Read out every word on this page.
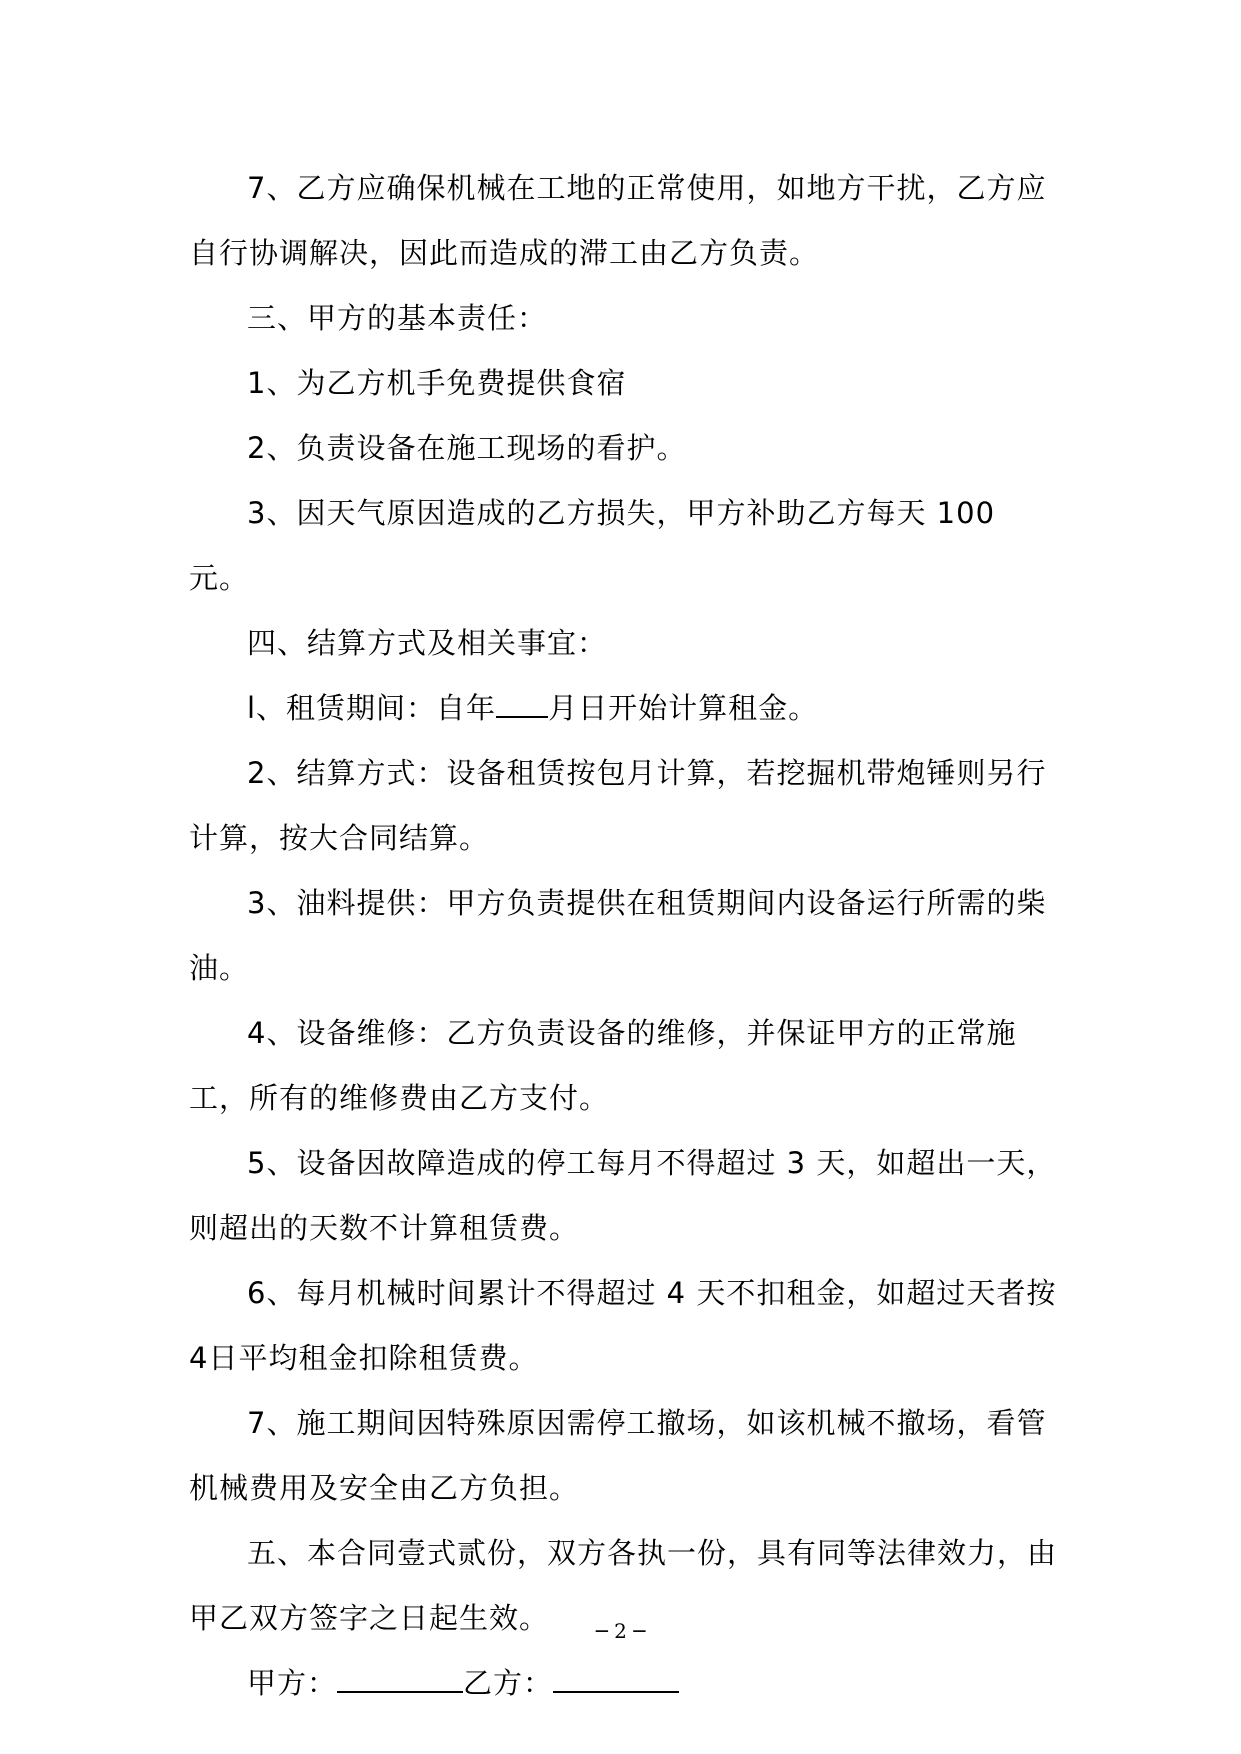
7、乙方应确保机械在工地的正常使用，如地方干扰，乙方应自行协调解决，因此而造成的滞工由乙方负责。

三、甲方的基本责任：

1、为乙方机手免费提供食宿

2、负责设备在施工现场的看护。

3、因天气原因造成的乙方损失，甲方补助乙方每天 100 元。

四、结算方式及相关事宜：

l、租赁期间：自年 月日开始计算租金。

2、结算方式：设备租赁按包月计算，若挖掘机带炮锤则另行计算，按大合同结算。

3、油料提供：甲方负责提供在租赁期间内设备运行所需的柴油。

4、设备维修：乙方负责设备的维修，并保证甲方的正常施工，所有的维修费由乙方支付。

5、设备因故障造成的停工每月不得超过 3 天，如超出一天，则超出的天数不计算租赁费。

6、每月机械时间累计不得超过 4 天不扣租金，如超过天者按 4日平均租金扣除租赁费。

7、施工期间因特殊原因需停工撤场，如该机械不撤场，看管机械费用及安全由乙方负担。

五、本合同壹式贰份，双方各执一份，具有同等法律效力，由甲乙双方签字之日起生效。

甲方：	乙方：

─ 2 ─
